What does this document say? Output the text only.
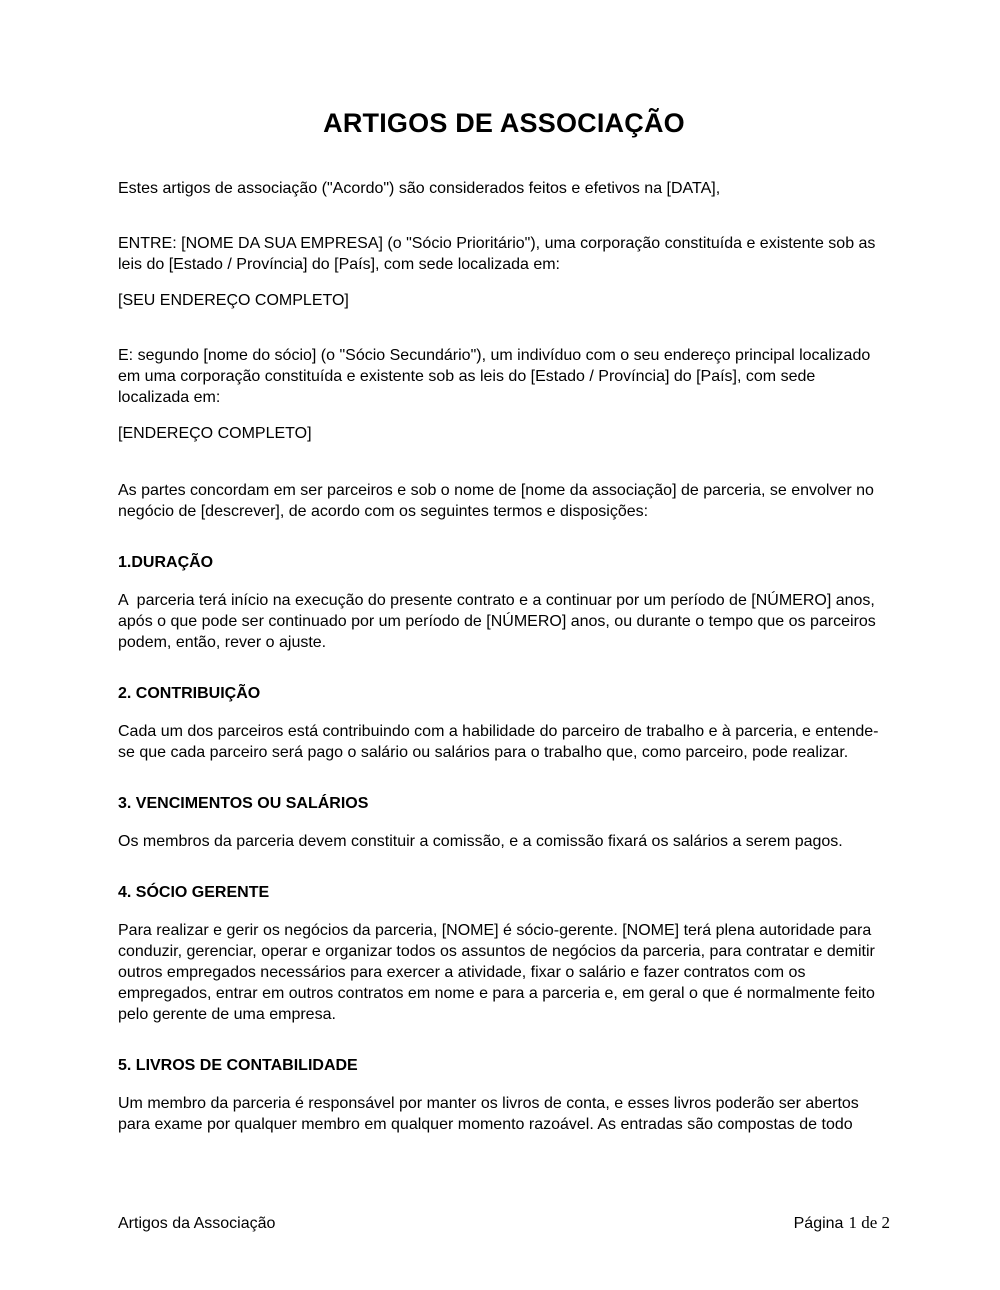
ARTIGOS DE ASSOCIAÇÃO

Estes artigos de associação ("Acordo") são considerados feitos e efetivos na [DATA],

ENTRE: [NOME DA SUA EMPRESA] (o "Sócio Prioritário"), uma corporação constituída e existente sob as leis do [Estado / Província] do [País], com sede localizada em:

[SEU ENDEREÇO COMPLETO]

E: segundo [nome do sócio] (o "Sócio Secundário"), um indivíduo com o seu endereço principal localizado em uma corporação constituída e existente sob as leis do [Estado / Província] do [País], com sede localizada em:

[ENDEREÇO COMPLETO]

As partes concordam em ser parceiros e sob o nome de [nome da associação] de parceria, se envolver no negócio de [descrever], de acordo com os seguintes termos e disposições:

1.DURAÇÃO

A  parceria terá início na execução do presente contrato e a continuar por um período de [NÚMERO] anos, após o que pode ser continuado por um período de [NÚMERO] anos, ou durante o tempo que os parceiros podem, então, rever o ajuste.

2. CONTRIBUIÇÃO

Cada um dos parceiros está contribuindo com a habilidade do parceiro de trabalho e à parceria, e entende-se que cada parceiro será pago o salário ou salários para o trabalho que, como parceiro, pode realizar.

3. VENCIMENTOS OU SALÁRIOS

Os membros da parceria devem constituir a comissão, e a comissão fixará os salários a serem pagos.

4. SÓCIO GERENTE

Para realizar e gerir os negócios da parceria, [NOME] é sócio-gerente. [NOME] terá plena autoridade para conduzir, gerenciar, operar e organizar todos os assuntos de negócios da parceria, para contratar e demitir outros empregados necessários para exercer a atividade, fixar o salário e fazer contratos com os empregados, entrar em outros contratos em nome e para a parceria e, em geral o que é normalmente feito pelo gerente de uma empresa.

5. LIVROS DE CONTABILIDADE

Um membro da parceria é responsável por manter os livros de conta, e esses livros poderão ser abertos para exame por qualquer membro em qualquer momento razoável. As entradas são compostas de todo

Artigos da Associação	Página 1 de 2
